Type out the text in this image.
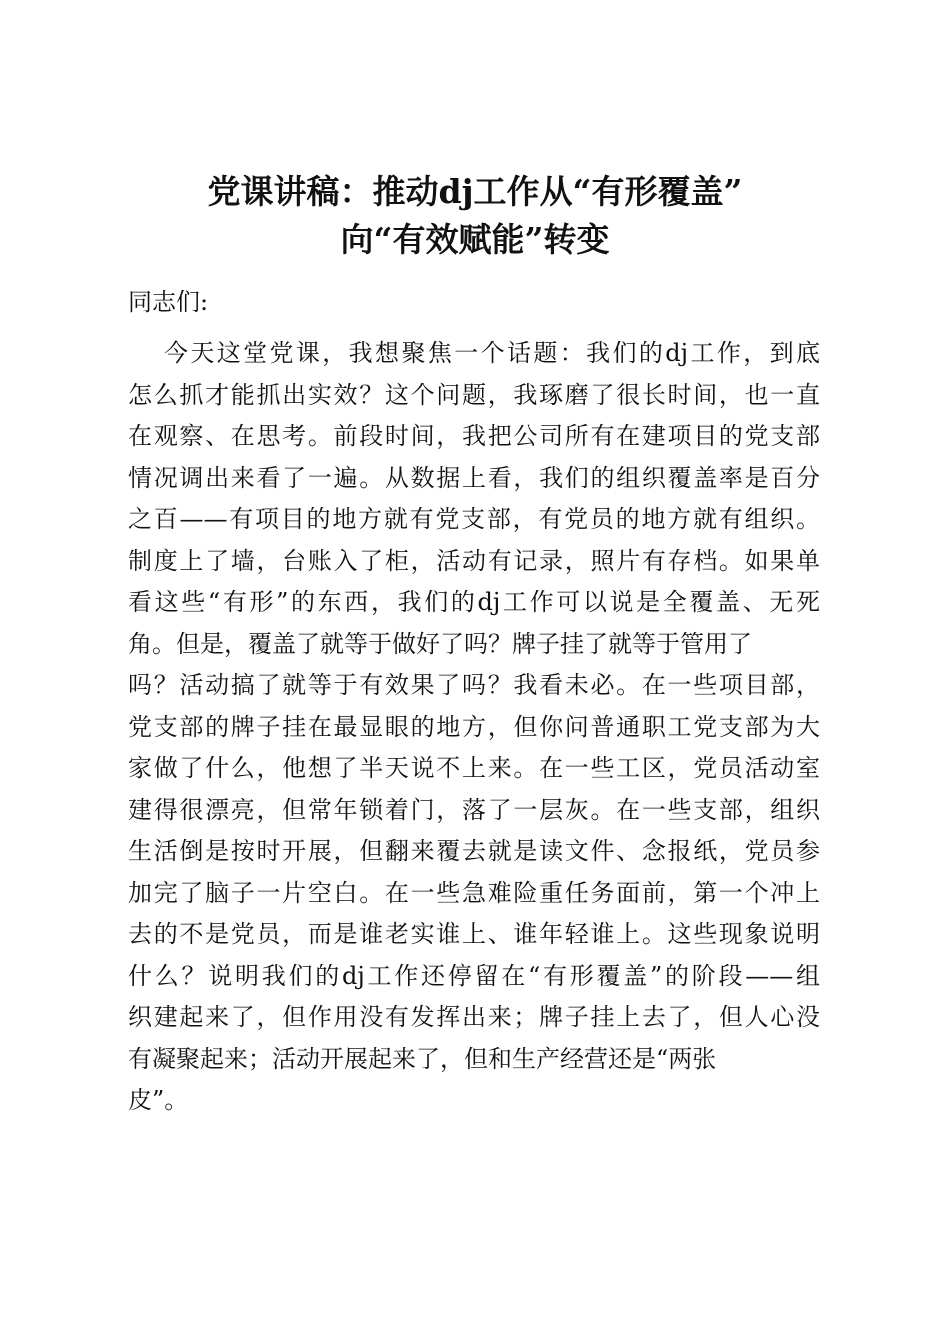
党课讲稿：推动dj工作从“有形覆盖”
向“有效赋能”转变
同志们:
今天这堂党课，我想聚焦一个话题：我们的dj工作，到底
怎么抓才能抓出实效？这个问题，我琢磨了很长时间，也一直
在观察、在思考。前段时间，我把公司所有在建项目的党支部
情况调出来看了一遍。从数据上看，我们的组织覆盖率是百分
之百——有项目的地方就有党支部，有党员的地方就有组织。
制度上了墙，台账入了柜，活动有记录，照片有存档。如果单
看这些“有形”的东西，我们的dj工作可以说是全覆盖、无死
角。但是，覆盖了就等于做好了吗？牌子挂了就等于管用了
吗？活动搞了就等于有效果了吗？我看未必。在一些项目部，
党支部的牌子挂在最显眼的地方，但你问普通职工党支部为大
家做了什么，他想了半天说不上来。在一些工区，党员活动室
建得很漂亮，但常年锁着门，落了一层灰。在一些支部，组织
生活倒是按时开展，但翻来覆去就是读文件、念报纸，党员参
加完了脑子一片空白。在一些急难险重任务面前，第一个冲上
去的不是党员，而是谁老实谁上、谁年轻谁上。这些现象说明
什么？说明我们的dj工作还停留在“有形覆盖”的阶段——组
织建起来了，但作用没有发挥出来；牌子挂上去了，但人心没
有凝聚起来；活动开展起来了，但和生产经营还是“两张
皮”。
